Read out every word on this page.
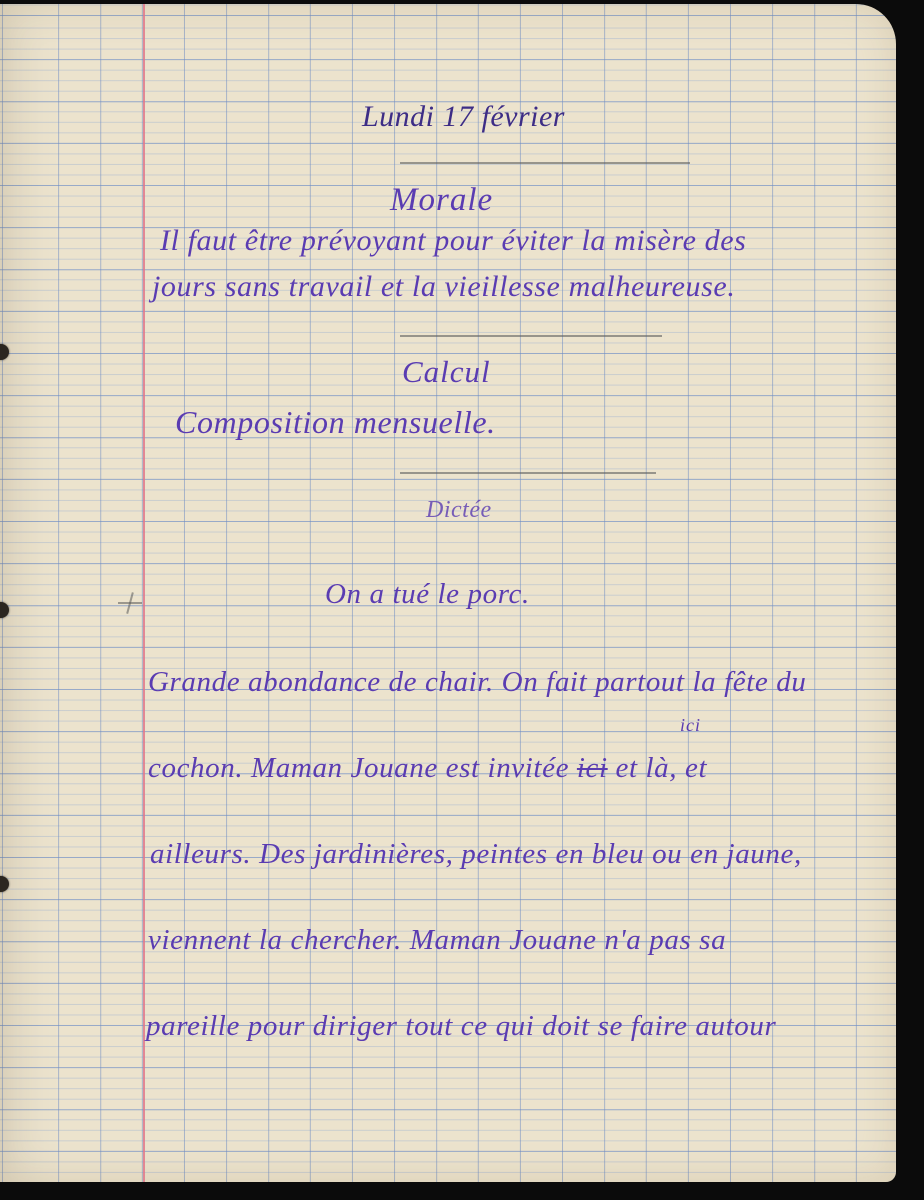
Lundi 17 février
Morale
Il faut être prévoyant pour éviter la misère des
jours sans travail et la vieillesse malheureuse.
Calcul
Composition mensuelle.
Dictée
On a tué le porc.
Grande abondance de chair. On fait partout la fête du
ici
cochon. Maman Jouane est invitée ici et là, et
ailleurs. Des jardinières, peintes en bleu ou en jaune,
viennent la chercher. Maman Jouane n'a pas sa
pareille pour diriger tout ce qui doit se faire autour
